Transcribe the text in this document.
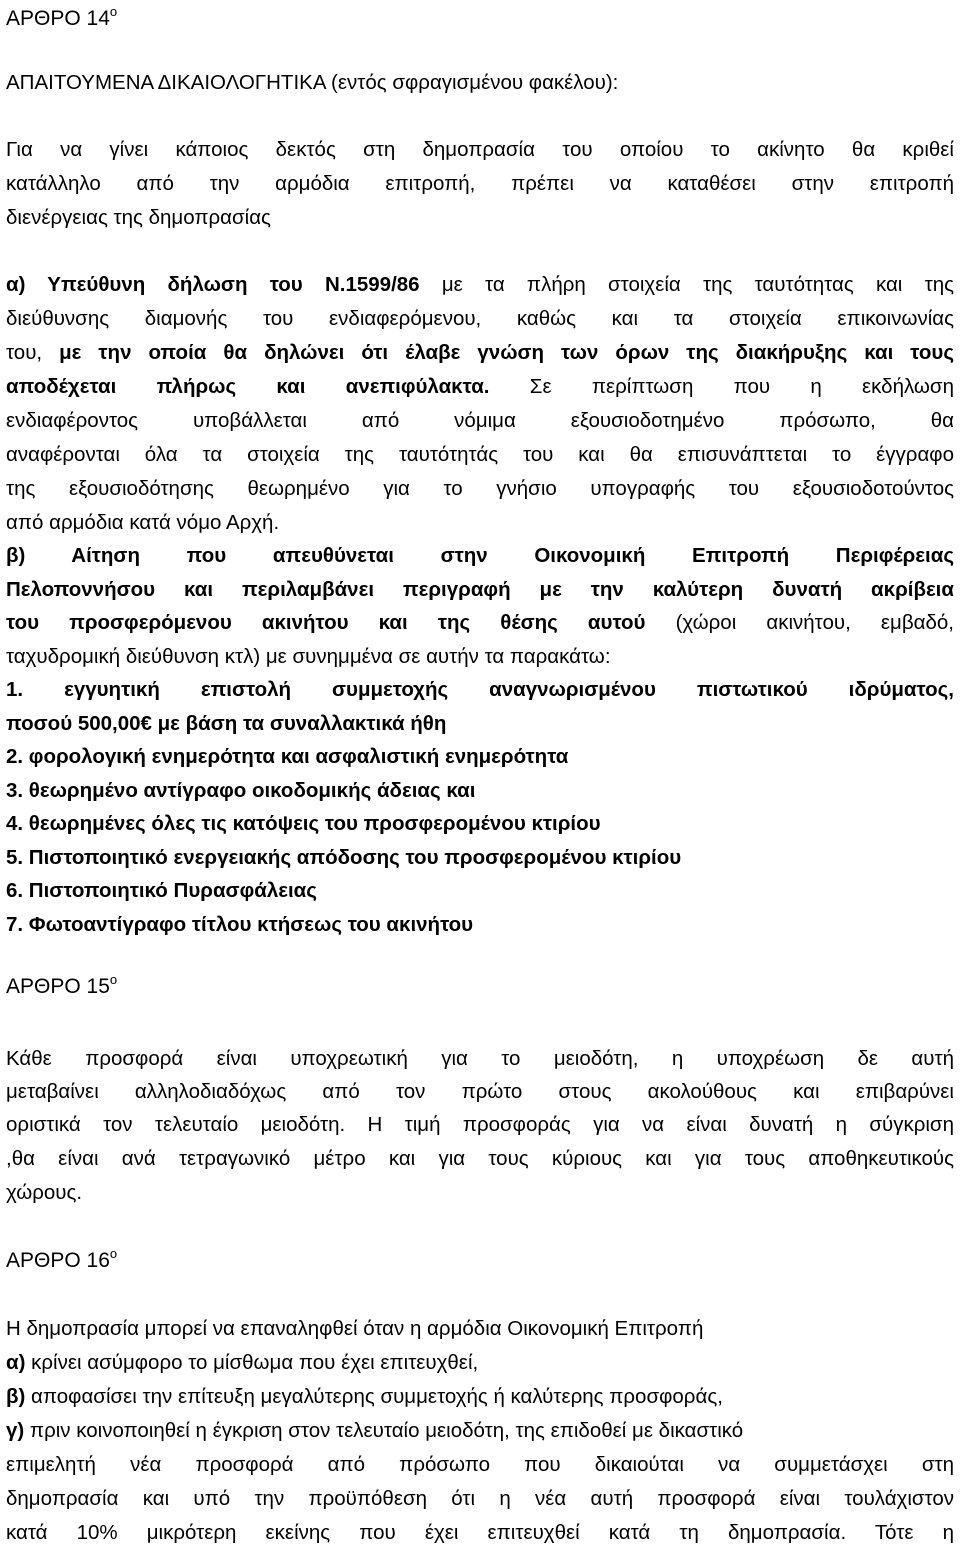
ΑΡΘΡΟ $14^o$
ΑΠΑΙΤΟΥΜΕΝΑ ΔΙΚΑΙΟΛΟΓΗΤΙΚΑ (εντός σφραγισμένου φακέλου):
Για να γίνει κάποιος δεκτός στη δημοπρασία του οποίου το ακίνητο θα κριθεί
κατάλληλο από την αρμόδια επιτροπή, πρέπει να καταθέσει στην επιτροπή
διενέργειας της δημοπρασίας
α) Υπεύθυνη δήλωση του Ν.1599/86 με τα πλήρη στοιχεία της ταυτότητας και της
διεύθυνσης διαμονής του ενδιαφερόμενου, καθώς και τα στοιχεία επικοινωνίας
του, με την οποία θα δηλώνει ότι έλαβε γνώση των όρων της διακήρυξης και τους
αποδέχεται πλήρως και ανεπιφύλακτα. Σε περίπτωση που η εκδήλωση
ενδιαφέροντος υποβάλλεται από νόμιμα εξουσιοδοτημένο πρόσωπο, θα
αναφέρονται όλα τα στοιχεία της ταυτότητάς του και θα επισυνάπτεται το έγγραφο
της εξουσιοδότησης θεωρημένο για το γνήσιο υπογραφής του εξουσιοδοτούντος
από αρμόδια κατά νόμο Αρχή.
β) Αίτηση που απευθύνεται στην Οικονομική Επιτροπή Περιφέρειας
Πελοποννήσου και περιλαμβάνει περιγραφή με την καλύτερη δυνατή ακρίβεια
του προσφερόμενου ακινήτου και της θέσης αυτού (χώροι ακινήτου, εμβαδό,
ταχυδρομική διεύθυνση κτλ) με συνημμένα σε αυτήν τα παρακάτω:
1. εγγυητική επιστολή συμμετοχής αναγνωρισμένου πιστωτικού ιδρύματος,
ποσού 500,00€ με βάση τα συναλλακτικά ήθη
2. φορολογική ενημερότητα και ασφαλιστική ενημερότητα
3. θεωρημένο αντίγραφο οικοδομικής άδειας και
4. θεωρημένες όλες τις κατόψεις του προσφερομένου κτιρίου
5. Πιστοποιητικό ενεργειακής απόδοσης του προσφερομένου κτιρίου
6. Πιστοποιητικό Πυρασφάλειας
7. Φωτοαντίγραφο τίτλου κτήσεως του ακινήτου
ΑΡΘΡΟ $15^o$
Κάθε προσφορά είναι υποχρεωτική για το μειοδότη, η υποχρέωση δε αυτή
μεταβαίνει αλληλοδιαδόχως από τον πρώτο στους ακολούθους και επιβαρύνει
οριστικά τον τελευταίο μειοδότη. Η τιμή προσφοράς για να είναι δυνατή η σύγκριση
,θα είναι ανά τετραγωνικό μέτρο και για τους κύριους και για τους αποθηκευτικούς
χώρους.
ΑΡΘΡΟ $16^o$
Η δημοπρασία μπορεί να επαναληφθεί όταν η αρμόδια Οικονομική Επιτροπή
α) κρίνει ασύμφορο το μίσθωμα που έχει επιτευχθεί,
β) αποφασίσει την επίτευξη μεγαλύτερης συμμετοχής ή καλύτερης προσφοράς,
γ) πριν κοινοποιηθεί η έγκριση στον τελευταίο μειοδότη, της επιδοθεί με δικαστικό
επιμελητή νέα προσφορά από πρόσωπο που δικαιούται να συμμετάσχει στη
δημοπρασία και υπό την προϋπόθεση ότι η νέα αυτή προσφορά είναι τουλάχιστον
κατά 10% μικρότερη εκείνης που έχει επιτευχθεί κατά τη δημοπρασία. Τότε η
